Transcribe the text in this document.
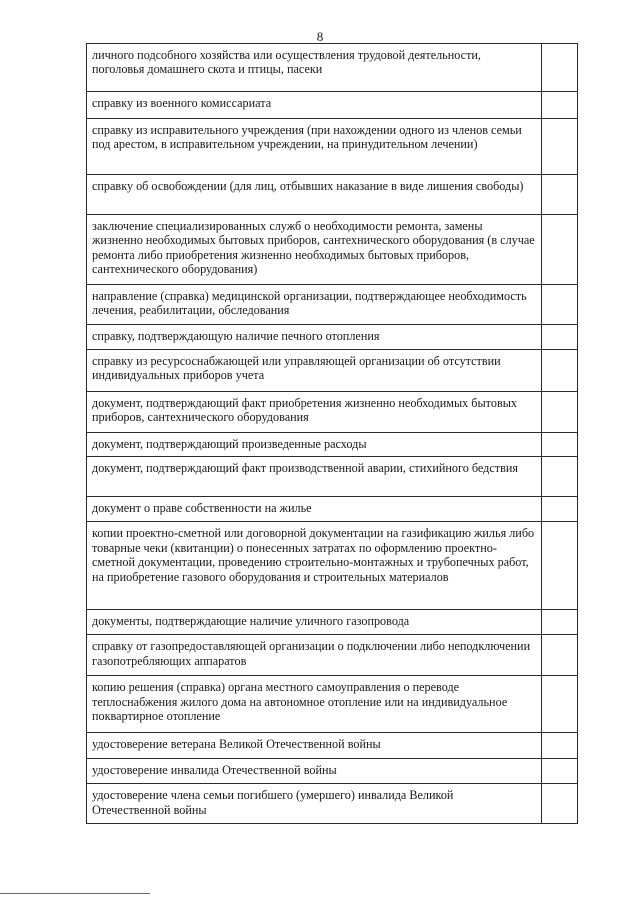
8
личного подсобного хозяйства или осуществления трудовой деятельности, поголовья домашнего скота и птицы, пасеки	
справку из военного комиссариата	
справку из исправительного учреждения (при нахождении одного из членов семьи под арестом, в исправительном учреждении, на принудительном лечении)	
справку об освобождении (для лиц, отбывших наказание в виде лишения свободы)	
заключение специализированных служб о необходимости ремонта, замены жизненно необходимых бытовых приборов, сантехнического оборудования (в случае ремонта либо приобретения жизненно необходимых бытовых приборов, сантехнического оборудования)	
направление (справка) медицинской организации, подтверждающее необходимость лечения, реабилитации, обследования	
справку, подтверждающую наличие печного отопления	
справку из ресурсоснабжающей или управляющей организации об отсутствии индивидуальных приборов учета	
документ, подтверждающий факт приобретения жизненно необходимых бытовых приборов, сантехнического оборудования	
документ, подтверждающий произведенные расходы	
документ, подтверждающий факт производственной аварии, стихийного бедствия	
документ о праве собственности на жилье	
копии проектно-сметной или договорной документации на газификацию жилья либо товарные чеки (квитанции) о понесенных затратах по оформлению проектно-сметной документации, проведению строительно-монтажных и трубопечных работ, на приобретение газового оборудования и строительных материалов	
документы, подтверждающие наличие уличного газопровода	
справку от газопредоставляющей организации о подключении либо неподключении газопотребляющих аппаратов	
копию решения (справка) органа местного самоуправления о переводе теплоснабжения жилого дома на автономное отопление или на индивидуальное поквартирное отопление	
удостоверение ветерана Великой Отечественной войны	
удостоверение инвалида Отечественной войны	
удостоверение члена семьи погибшего (умершего) инвалида Великой Отечественной войны	
